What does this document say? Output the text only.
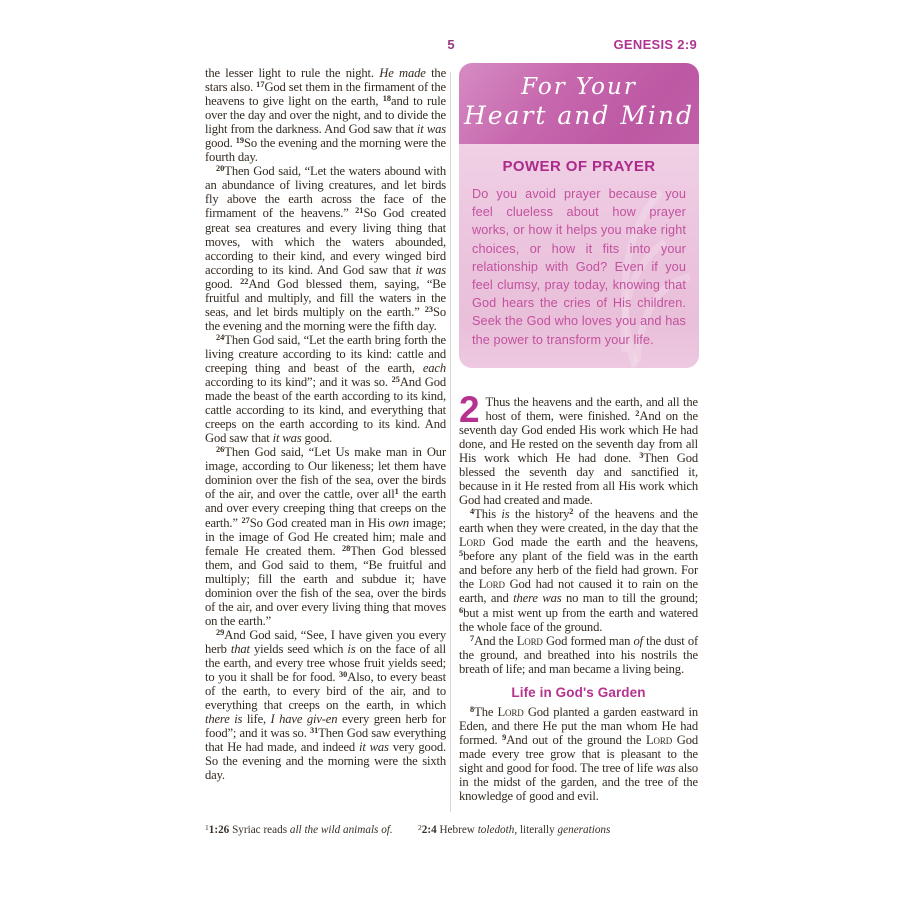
5	GENESIS 2:9

the lesser light to rule the night. He made the stars also. $^{17}$God set them in the firmament of the heavens to give light on the earth, $^{18}$and to rule over the day and over the night, and to divide the light from the darkness. And God saw that it was good. $^{19}$So the evening and the morning were the fourth day.

$^{20}$Then God said, “Let the waters abound with an abundance of living creatures, and let birds fly above the earth across the face of the firmament of the heavens.” $^{21}$So God created great sea creatures and every living thing that moves, with which the waters abounded, according to their kind, and every winged bird according to its kind. And God saw that it was good. $^{22}$And God blessed them, saying, “Be fruitful and multiply, and fill the waters in the seas, and let birds multiply on the earth.” $^{23}$So the evening and the morning were the fifth day.

$^{24}$Then God said, “Let the earth bring forth the living creature according to its kind: cattle and creeping thing and beast of the earth, each according to its kind”; and it was so. $^{25}$And God made the beast of the earth according to its kind, cattle according to its kind, and everything that creeps on the earth according to its kind. And God saw that it was good.

$^{26}$Then God said, “Let Us make man in Our image, according to Our likeness; let them have dominion over the fish of the sea, over the birds of the air, and over the cattle, over all$^1$ the earth and over every creeping thing that creeps on the earth.” $^{27}$So God created man in His own image; in the image of God He created him; male and female He created them. $^{28}$Then God blessed them, and God said to them, “Be fruitful and multiply; fill the earth and subdue it; have dominion over the fish of the sea, over the birds of the air, and over every living thing that moves on the earth.”

$^{29}$And God said, “See, I have given you every herb that yields seed which is on the face of all the earth, and every tree whose fruit yields seed; to you it shall be for food. $^{30}$Also, to every beast of the earth, to every bird of the air, and to everything that creeps on the earth, in which there is life, I have giv-en every green herb for food”; and it was so. $^{31}$Then God saw everything that He had made, and indeed it was very good. So the evening and the morning were the sixth day.

For Your
Heart and Mind
POWER OF PRAYER
Do you avoid prayer because you feel clueless about how prayer works, or how it helps you make right choices, or how it fits into your relationship with God? Even if you feel clumsy, pray today, knowing that God hears the cries of His children. Seek the God who loves you and has the power to transform your life.

2 Thus the heavens and the earth, and all the host of them, were finished. $^2$And on the seventh day God ended His work which He had done, and He rested on the seventh day from all His work which He had done. $^3$Then God blessed the seventh day and sanctified it, because in it He rested from all His work which God had created and made.

$^4$This is the history$^2$ of the heavens and the earth when they were created, in the day that the Lord God made the earth and the heavens, $^5$before any plant of the field was in the earth and before any herb of the field had grown. For the Lord God had not caused it to rain on the earth, and there was no man to till the ground; $^6$but a mist went up from the earth and watered the whole face of the ground.

$^7$And the Lord God formed man of the dust of the ground, and breathed into his nostrils the breath of life; and man became a living being.

Life in God's Garden

$^8$The Lord God planted a garden eastward in Eden, and there He put the man whom He had formed. $^9$And out of the ground the Lord God made every tree grow that is pleasant to the sight and good for food. The tree of life was also in the midst of the garden, and the tree of the knowledge of good and evil.

$^1$1:26 Syriac reads all the wild animals of.	$^2$2:4 Hebrew toledoth, literally generations
